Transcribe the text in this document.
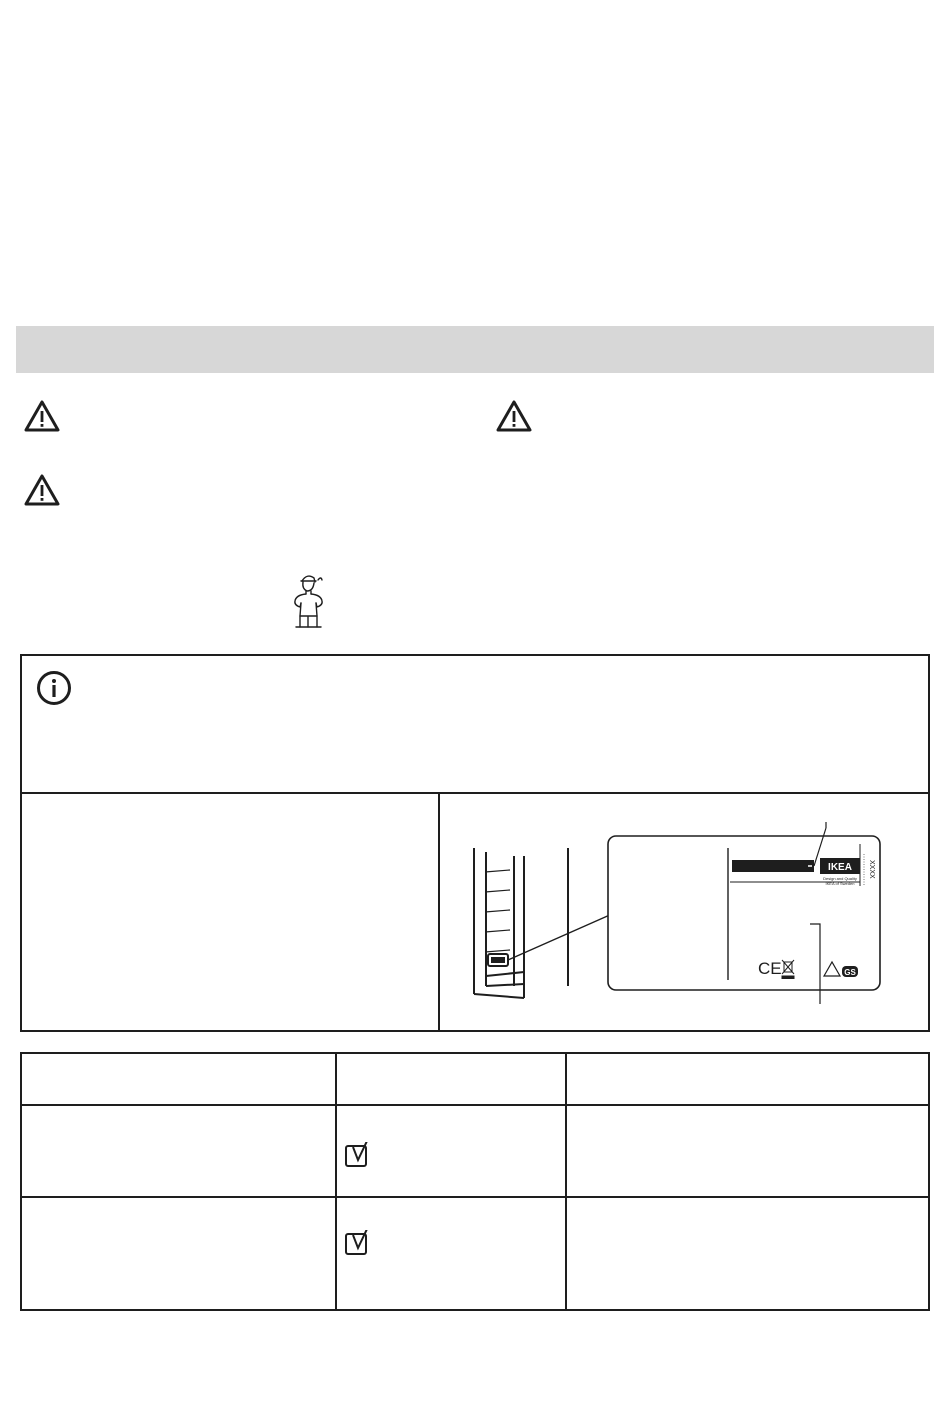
IKEA
Design and Quality
IKEA of Sweden
XXXX
CE	GS
